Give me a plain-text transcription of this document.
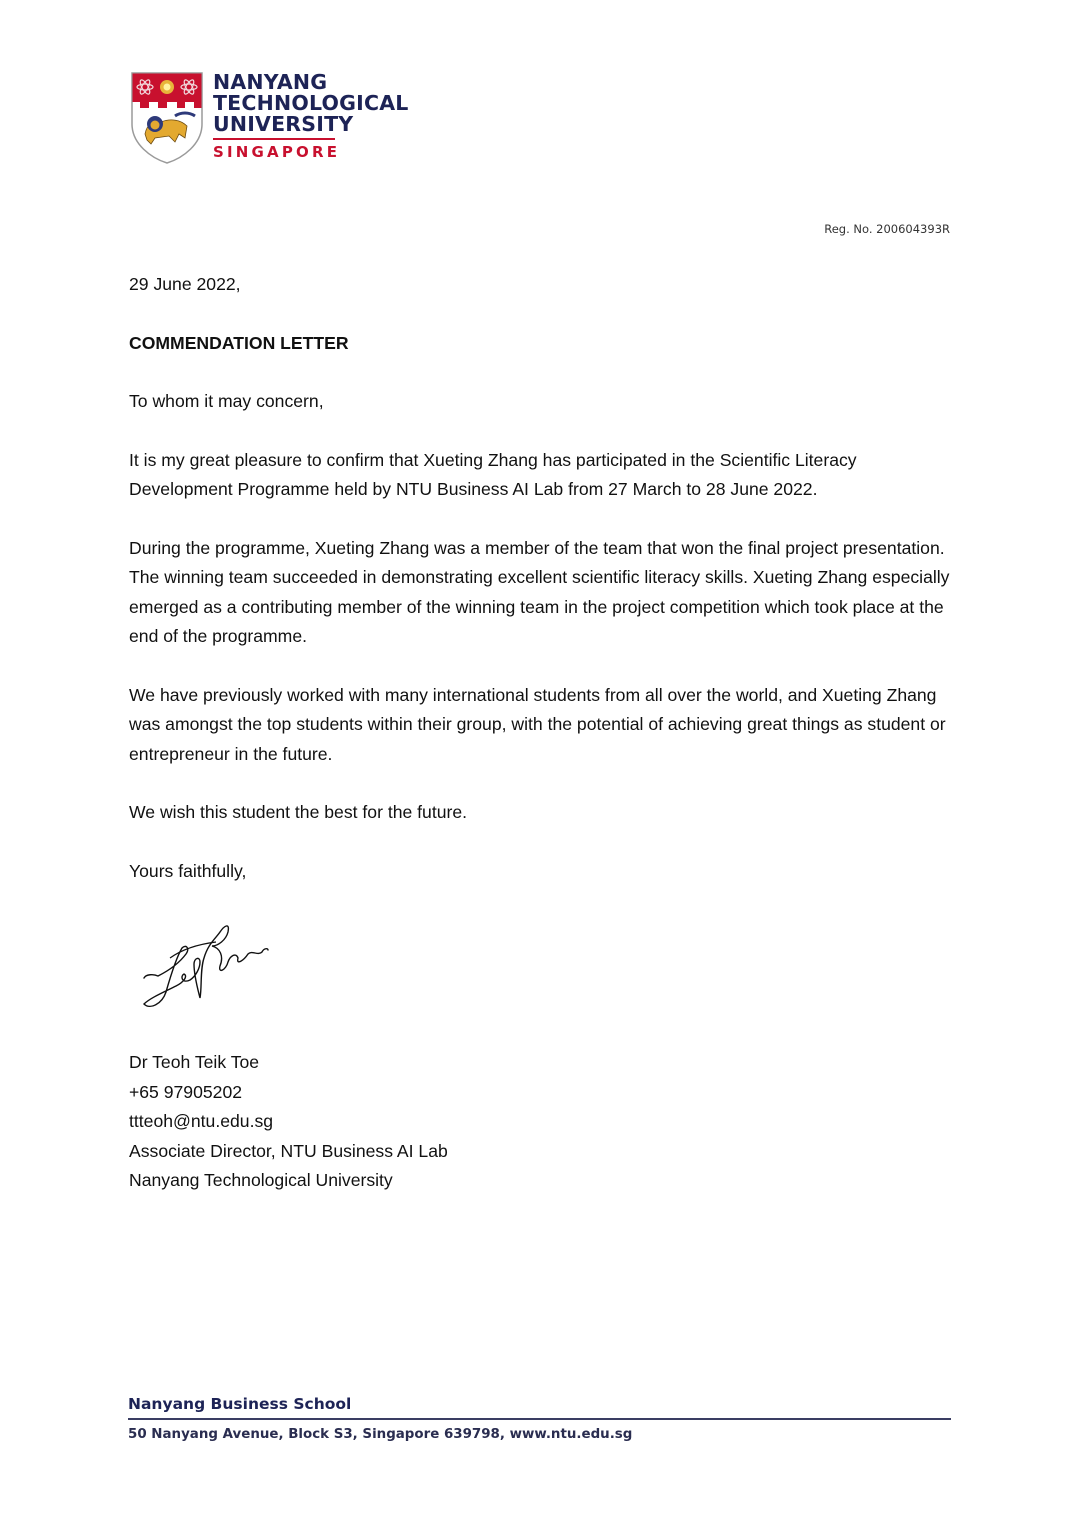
NANYANG
TECHNOLOGICAL
UNIVERSITY
SINGAPORE
Reg. No. 200604393R

29 June 2022,

COMMENDATION LETTER

To whom it may concern,

It is my great pleasure to confirm that Xueting Zhang has participated in the Scientific Literacy Development Programme held by NTU Business AI Lab from 27 March to 28 June 2022.

During the programme, Xueting Zhang was a member of the team that won the final project presentation. The winning team succeeded in demonstrating excellent scientific literacy skills. Xueting Zhang especially emerged as a contributing member of the winning team in the project competition which took place at the end of the programme.

We have previously worked with many international students from all over the world, and Xueting Zhang was amongst the top students within their group, with the potential of achieving great things as student or entrepreneur in the future.

We wish this student the best for the future.

Yours faithfully,

Dr Teoh Teik Toe
+65 97905202
ttteoh@ntu.edu.sg
Associate Director, NTU Business AI Lab
Nanyang Technological University
Nanyang Business School
50 Nanyang Avenue, Block S3, Singapore 639798, www.ntu.edu.sg
